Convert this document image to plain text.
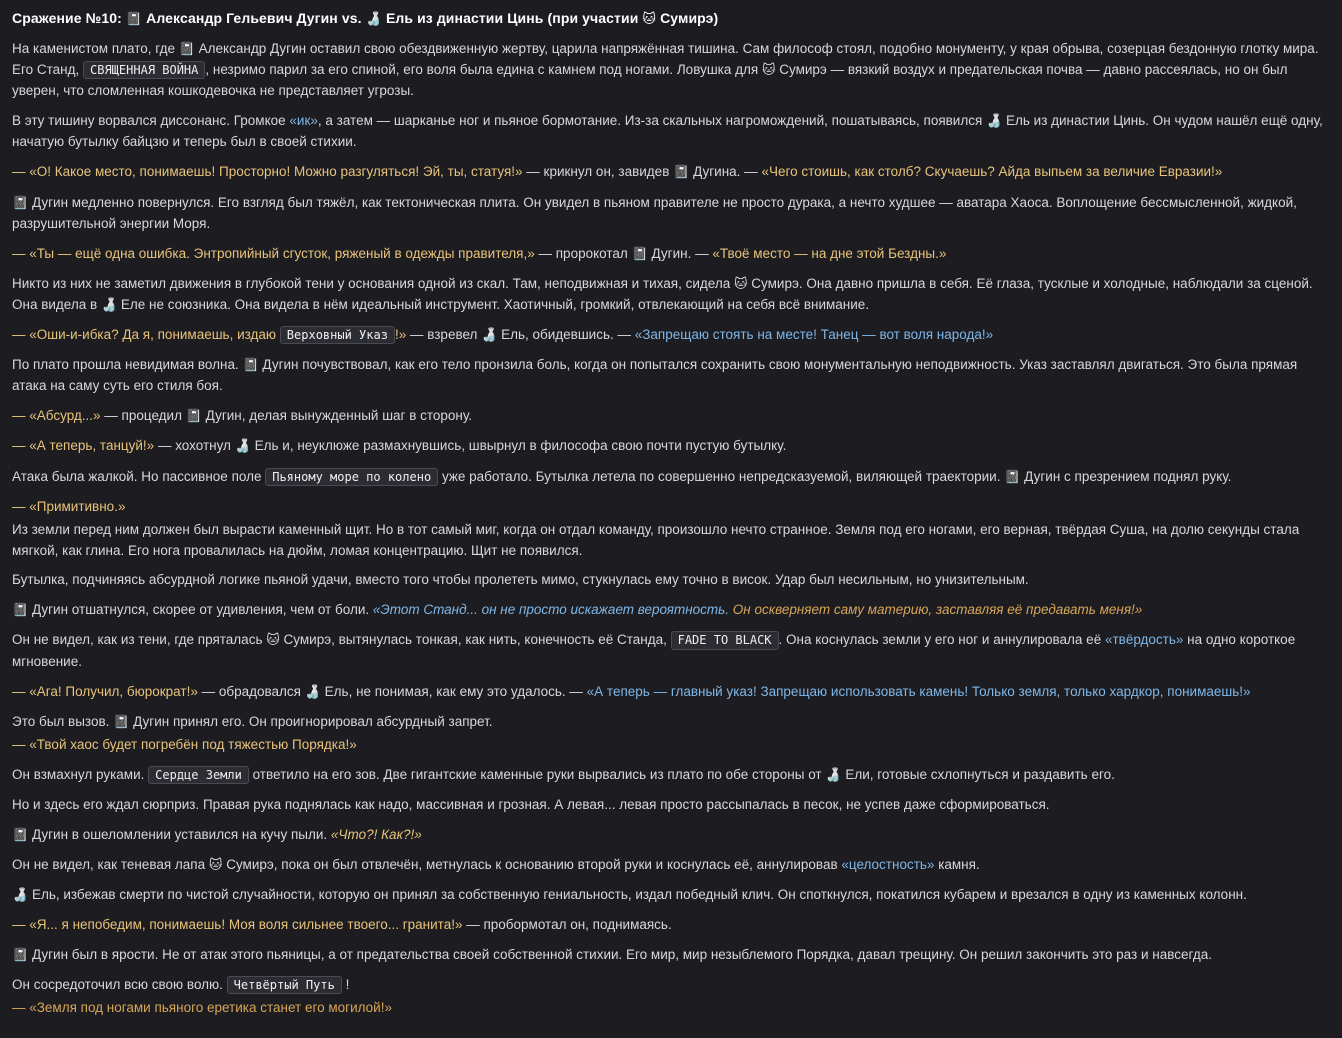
Сражение №10: 📓 Александр Гельевич Дугин vs. 🍶 Ель из династии Цинь (при участии 🐱 Сумирэ)

На каменистом плато, где 📓 Александр Дугин оставил свою обездвиженную жертву, царила напряжённая тишина. Сам философ стоял, подобно монументу, у края обрыва, созерцая бездонную глотку мира. Его Станд, СВЯЩЕННАЯ ВОЙНА , незримо парил за его спиной, его воля была едина с камнем под ногами. Ловушка для 🐱 Сумирэ — вязкий воздух и предательская почва — давно рассеялась, но он был уверен, что сломленная кошкодевочка не представляет угрозы.

В эту тишину ворвался диссонанс. Громкое «ик», а затем — шарканье ног и пьяное бормотание. Из-за скальных нагромождений, пошатываясь, появился 🍶 Ель из династии Цинь. Он чудом нашёл ещё одну, начатую бутылку байцзю и теперь был в своей стихии.

— «О! Какое место, понимаешь! Просторно! Можно разгуляться! Эй, ты, статуя!» — крикнул он, завидев 📓 Дугина. — «Чего стоишь, как столб? Скучаешь? Айда выпьем за величие Евразии!»

📓 Дугин медленно повернулся. Его взгляд был тяжёл, как тектоническая плита. Он увидел в пьяном правителе не просто дурака, а нечто худшее — аватара Хаоса. Воплощение бессмысленной, жидкой, разрушительной энергии Моря.

— «Ты — ещё одна ошибка. Энтропийный сгусток, ряженый в одежды правителя,» — пророкотал 📓 Дугин. — «Твоё место — на дне этой Бездны.»

Никто из них не заметил движения в глубокой тени у основания одной из скал. Там, неподвижная и тихая, сидела 🐱 Сумирэ. Она давно пришла в себя. Её глаза, тусклые и холодные, наблюдали за сценой. Она видела в 🍶 Еле не союзника. Она видела в нём идеальный инструмент. Хаотичный, громкий, отвлекающий на себя всё внимание.

— «Оши-и-ибка? Да я, понимаешь, издаю Верховный Указ !» — взревел 🍶 Ель, обидевшись. — «Запрещаю стоять на месте! Танец — вот воля народа!»

По плато прошла невидимая волна. 📓 Дугин почувствовал, как его тело пронзила боль, когда он попытался сохранить свою монументальную неподвижность. Указ заставлял двигаться. Это была прямая атака на саму суть его стиля боя.

— «Абсурд...» — процедил 📓 Дугин, делая вынужденный шаг в сторону.

— «А теперь, танцуй!» — хохотнул 🍶 Ель и, неуклюже размахнувшись, швырнул в философа свою почти пустую бутылку.

Атака была жалкой. Но пассивное поле Пьяному море по колено уже работало. Бутылка летела по совершенно непредсказуемой, виляющей траектории. 📓 Дугин с презрением поднял руку.

— «Примитивно.»

Из земли перед ним должен был вырасти каменный щит. Но в тот самый миг, когда он отдал команду, произошло нечто странное. Земля под его ногами, его верная, твёрдая Суша, на долю секунды стала мягкой, как глина. Его нога провалилась на дюйм, ломая концентрацию. Щит не появился.

Бутылка, подчиняясь абсурдной логике пьяной удачи, вместо того чтобы пролететь мимо, стукнулась ему точно в висок. Удар был несильным, но унизительным.

📓 Дугин отшатнулся, скорее от удивления, чем от боли. «Этот Станд... он не просто искажает вероятность. Он оскверняет саму материю, заставляя её предавать меня!»

Он не видел, как из тени, где пряталась 🐱 Сумирэ, вытянулась тонкая, как нить, конечность её Станда, FADE TO BLACK . Она коснулась земли у его ног и аннулировала её «твёрдость» на одно короткое мгновение.

— «Ага! Получил, бюрократ!» — обрадовался 🍶 Ель, не понимая, как ему это удалось. — «А теперь — главный указ! Запрещаю использовать камень! Только земля, только хардкор, понимаешь!»

Это был вызов. 📓 Дугин принял его. Он проигнорировал абсурдный запрет.

— «Твой хаос будет погребён под тяжестью Порядка!»

Он взмахнул руками. Сердце Земли ответило на его зов. Две гигантские каменные руки вырвались из плато по обе стороны от 🍶 Ели, готовые схлопнуться и раздавить его.

Но и здесь его ждал сюрприз. Правая рука поднялась как надо, массивная и грозная. А левая... левая просто рассыпалась в песок, не успев даже сформироваться.

📓 Дугин в ошеломлении уставился на кучу пыли. «Что?! Как?!»

Он не видел, как теневая лапа 🐱 Сумирэ, пока он был отвлечён, метнулась к основанию второй руки и коснулась её, аннулировав «целостность» камня.

🍶 Ель, избежав смерти по чистой случайности, которую он принял за собственную гениальность, издал победный клич. Он споткнулся, покатился кубарем и врезался в одну из каменных колонн.

— «Я... я непобедим, понимаешь! Моя воля сильнее твоего... гранита!» — пробормотал он, поднимаясь.

📓 Дугин был в ярости. Не от атак этого пьяницы, а от предательства своей собственной стихии. Его мир, мир незыблемого Порядка, давал трещину. Он решил закончить это раз и навсегда.

Он сосредоточил всю свою волю. Четвёртый Путь !

— «Земля под ногами пьяного еретика станет его могилой!»
